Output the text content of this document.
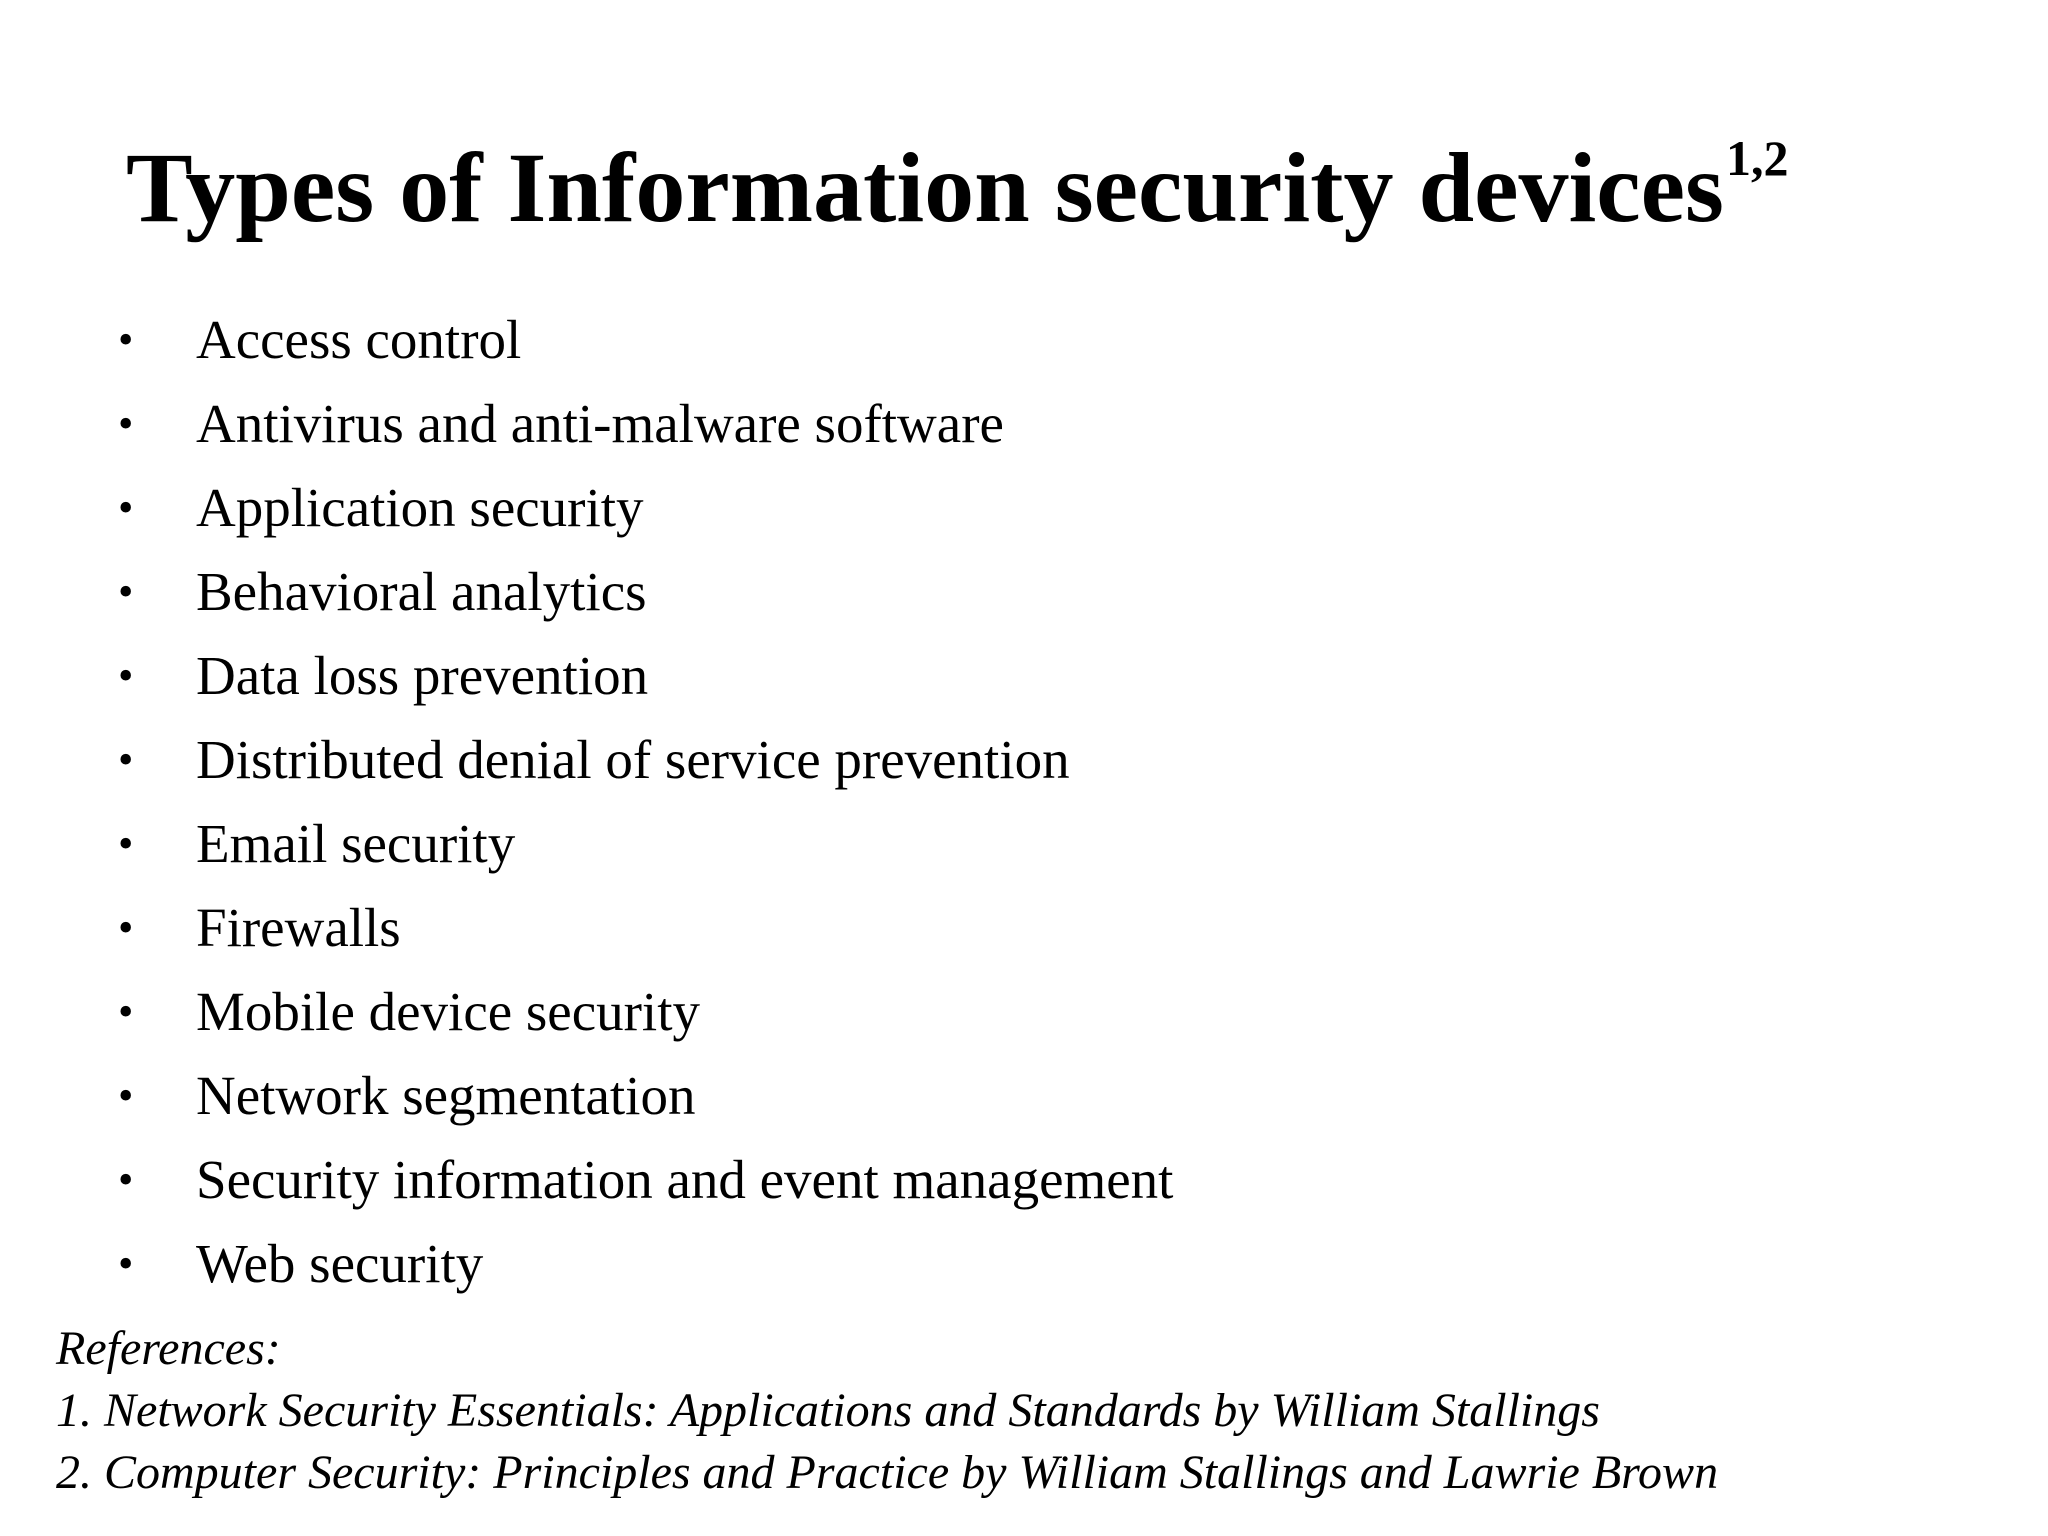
Types of Information security devices$^{1,2}$
• Access control
• Antivirus and anti-malware software
• Application security
• Behavioral analytics
• Data loss prevention
• Distributed denial of service prevention
• Email security
• Firewalls
• Mobile device security
• Network segmentation
• Security information and event management
• Web security
References:
1. Network Security Essentials: Applications and Standards by William Stallings
2. Computer Security: Principles and Practice by William Stallings and Lawrie Brown
